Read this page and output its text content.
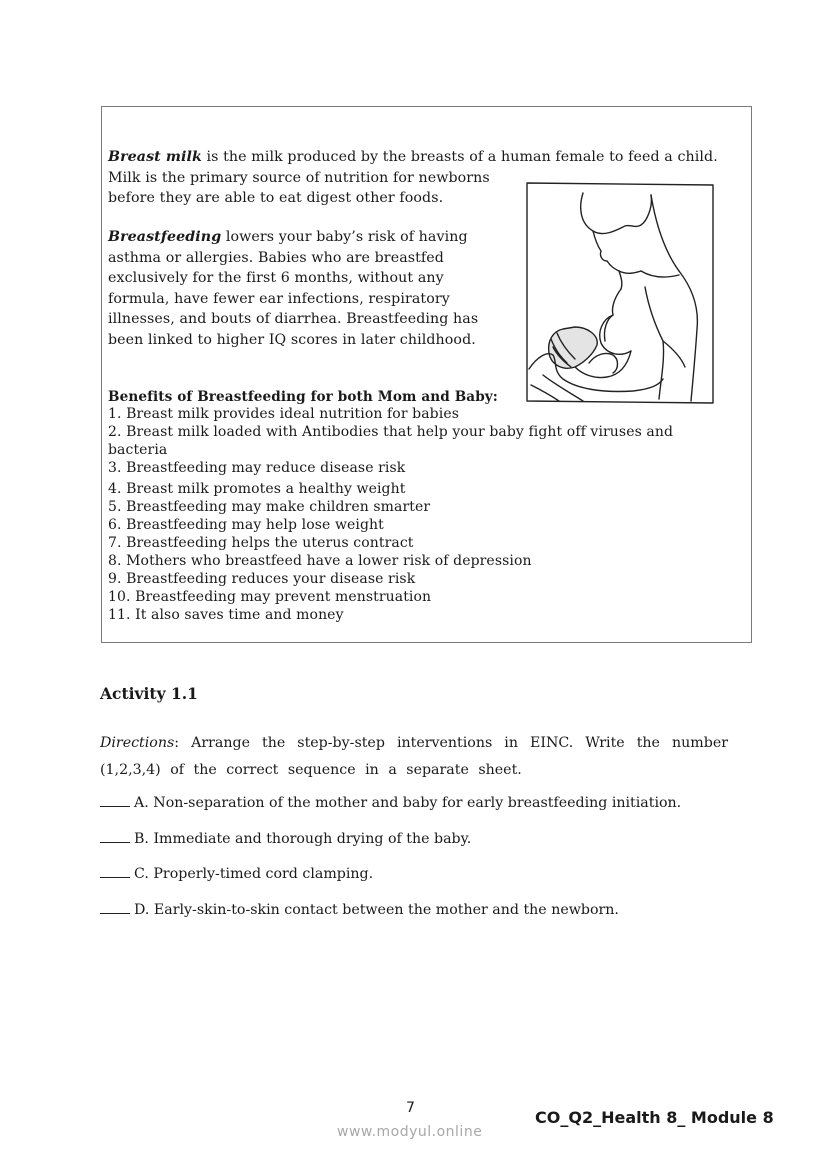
Breast milk is the milk produced by the breasts of a human female to feed a child.
Milk is the primary source of nutrition for newborns
before they are able to eat digest other foods.
Breastfeeding lowers your baby’s risk of having
asthma or allergies. Babies who are breastfed
exclusively for the first 6 months, without any
formula, have fewer ear infections, respiratory
illnesses, and bouts of diarrhea. Breastfeeding has
been linked to higher IQ scores in later childhood.
Benefits of Breastfeeding for both Mom and Baby:
1. Breast milk provides ideal nutrition for babies
2. Breast milk loaded with Antibodies that help your baby fight off viruses and
bacteria
3. Breastfeeding may reduce disease risk
4. Breast milk promotes a healthy weight
5. Breastfeeding may make children smarter
6. Breastfeeding may help lose weight
7. Breastfeeding helps the uterus contract
8. Mothers who breastfeed have a lower risk of depression
9. Breastfeeding reduces your disease risk
10. Breastfeeding may prevent menstruation
11. It also saves time and money
Activity 1.1
Directions: Arrange the step-by-step interventions in EINC. Write the number (1,2,3,4) of the correct sequence in a separate sheet.
A. Non-separation of the mother and baby for early breastfeeding initiation.
B. Immediate and thorough drying of the baby.
C. Properly-timed cord clamping.
D. Early-skin-to-skin contact between the mother and the newborn.
7	CO_Q2_Health 8_ Module 8
www.modyul.online
